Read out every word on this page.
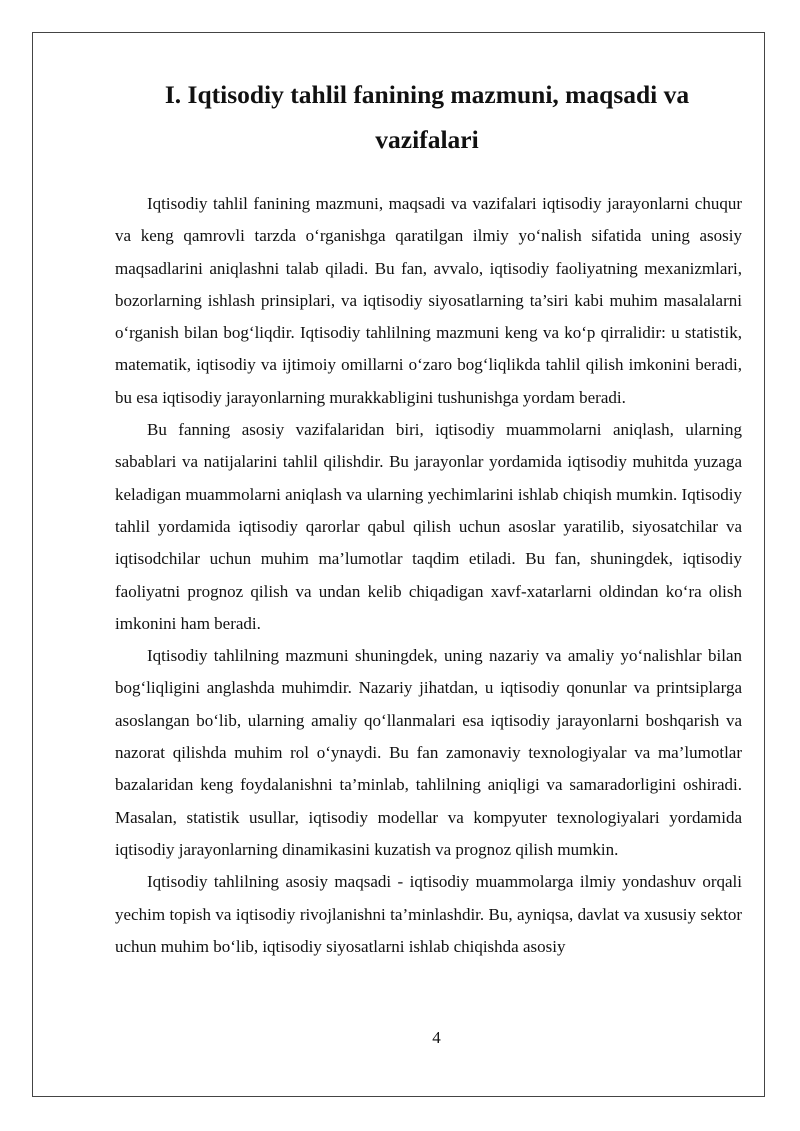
I. Iqtisodiy tahlil fanining mazmuni, maqsadi va vazifalari

Iqtisodiy tahlil fanining mazmuni, maqsadi va vazifalari iqtisodiy jarayonlarni chuqur va keng qamrovli tarzda o‘rganishga qaratilgan ilmiy yo‘nalish sifatida uning asosiy maqsadlarini aniqlashni talab qiladi. Bu fan, avvalo, iqtisodiy faoliyatning mexanizmlari, bozorlarning ishlash prinsiplari, va iqtisodiy siyosatlarning ta’siri kabi muhim masalalarni o‘rganish bilan bog‘liqdir. Iqtisodiy tahlilning mazmuni keng va ko‘p qirralidir: u statistik, matematik, iqtisodiy va ijtimoiy omillarni o‘zaro bog‘liqlikda tahlil qilish imkonini beradi, bu esa iqtisodiy jarayonlarning murakkabligini tushunishga yordam beradi.

Bu fanning asosiy vazifalaridan biri, iqtisodiy muammolarni aniqlash, ularning sabablari va natijalarini tahlil qilishdir. Bu jarayonlar yordamida iqtisodiy muhitda yuzaga keladigan muammolarni aniqlash va ularning yechimlarini ishlab chiqish mumkin. Iqtisodiy tahlil yordamida iqtisodiy qarorlar qabul qilish uchun asoslar yaratilib, siyosatchilar va iqtisodchilar uchun muhim ma’lumotlar taqdim etiladi. Bu fan, shuningdek, iqtisodiy faoliyatni prognoz qilish va undan kelib chiqadigan xavf-xatarlarni oldindan ko‘ra olish imkonini ham beradi.

Iqtisodiy tahlilning mazmuni shuningdek, uning nazariy va amaliy yo‘nalishlar bilan bog‘liqligini anglashda muhimdir. Nazariy jihatdan, u iqtisodiy qonunlar va printsiplarga asoslangan bo‘lib, ularning amaliy qo‘llanmalari esa iqtisodiy jarayonlarni boshqarish va nazorat qilishda muhim rol o‘ynaydi. Bu fan zamonaviy texnologiyalar va ma’lumotlar bazalaridan keng foydalanishni ta’minlab, tahlilning aniqligi va samaradorligini oshiradi. Masalan, statistik usullar, iqtisodiy modellar va kompyuter texnologiyalari yordamida iqtisodiy jarayonlarning dinamikasini kuzatish va prognoz qilish mumkin.

Iqtisodiy tahlilning asosiy maqsadi - iqtisodiy muammolarga ilmiy yondashuv orqali yechim topish va iqtisodiy rivojlanishni ta’minlashdir. Bu, ayniqsa, davlat va xususiy sektor uchun muhim bo‘lib, iqtisodiy siyosatlarni ishlab chiqishda asosiy

4
